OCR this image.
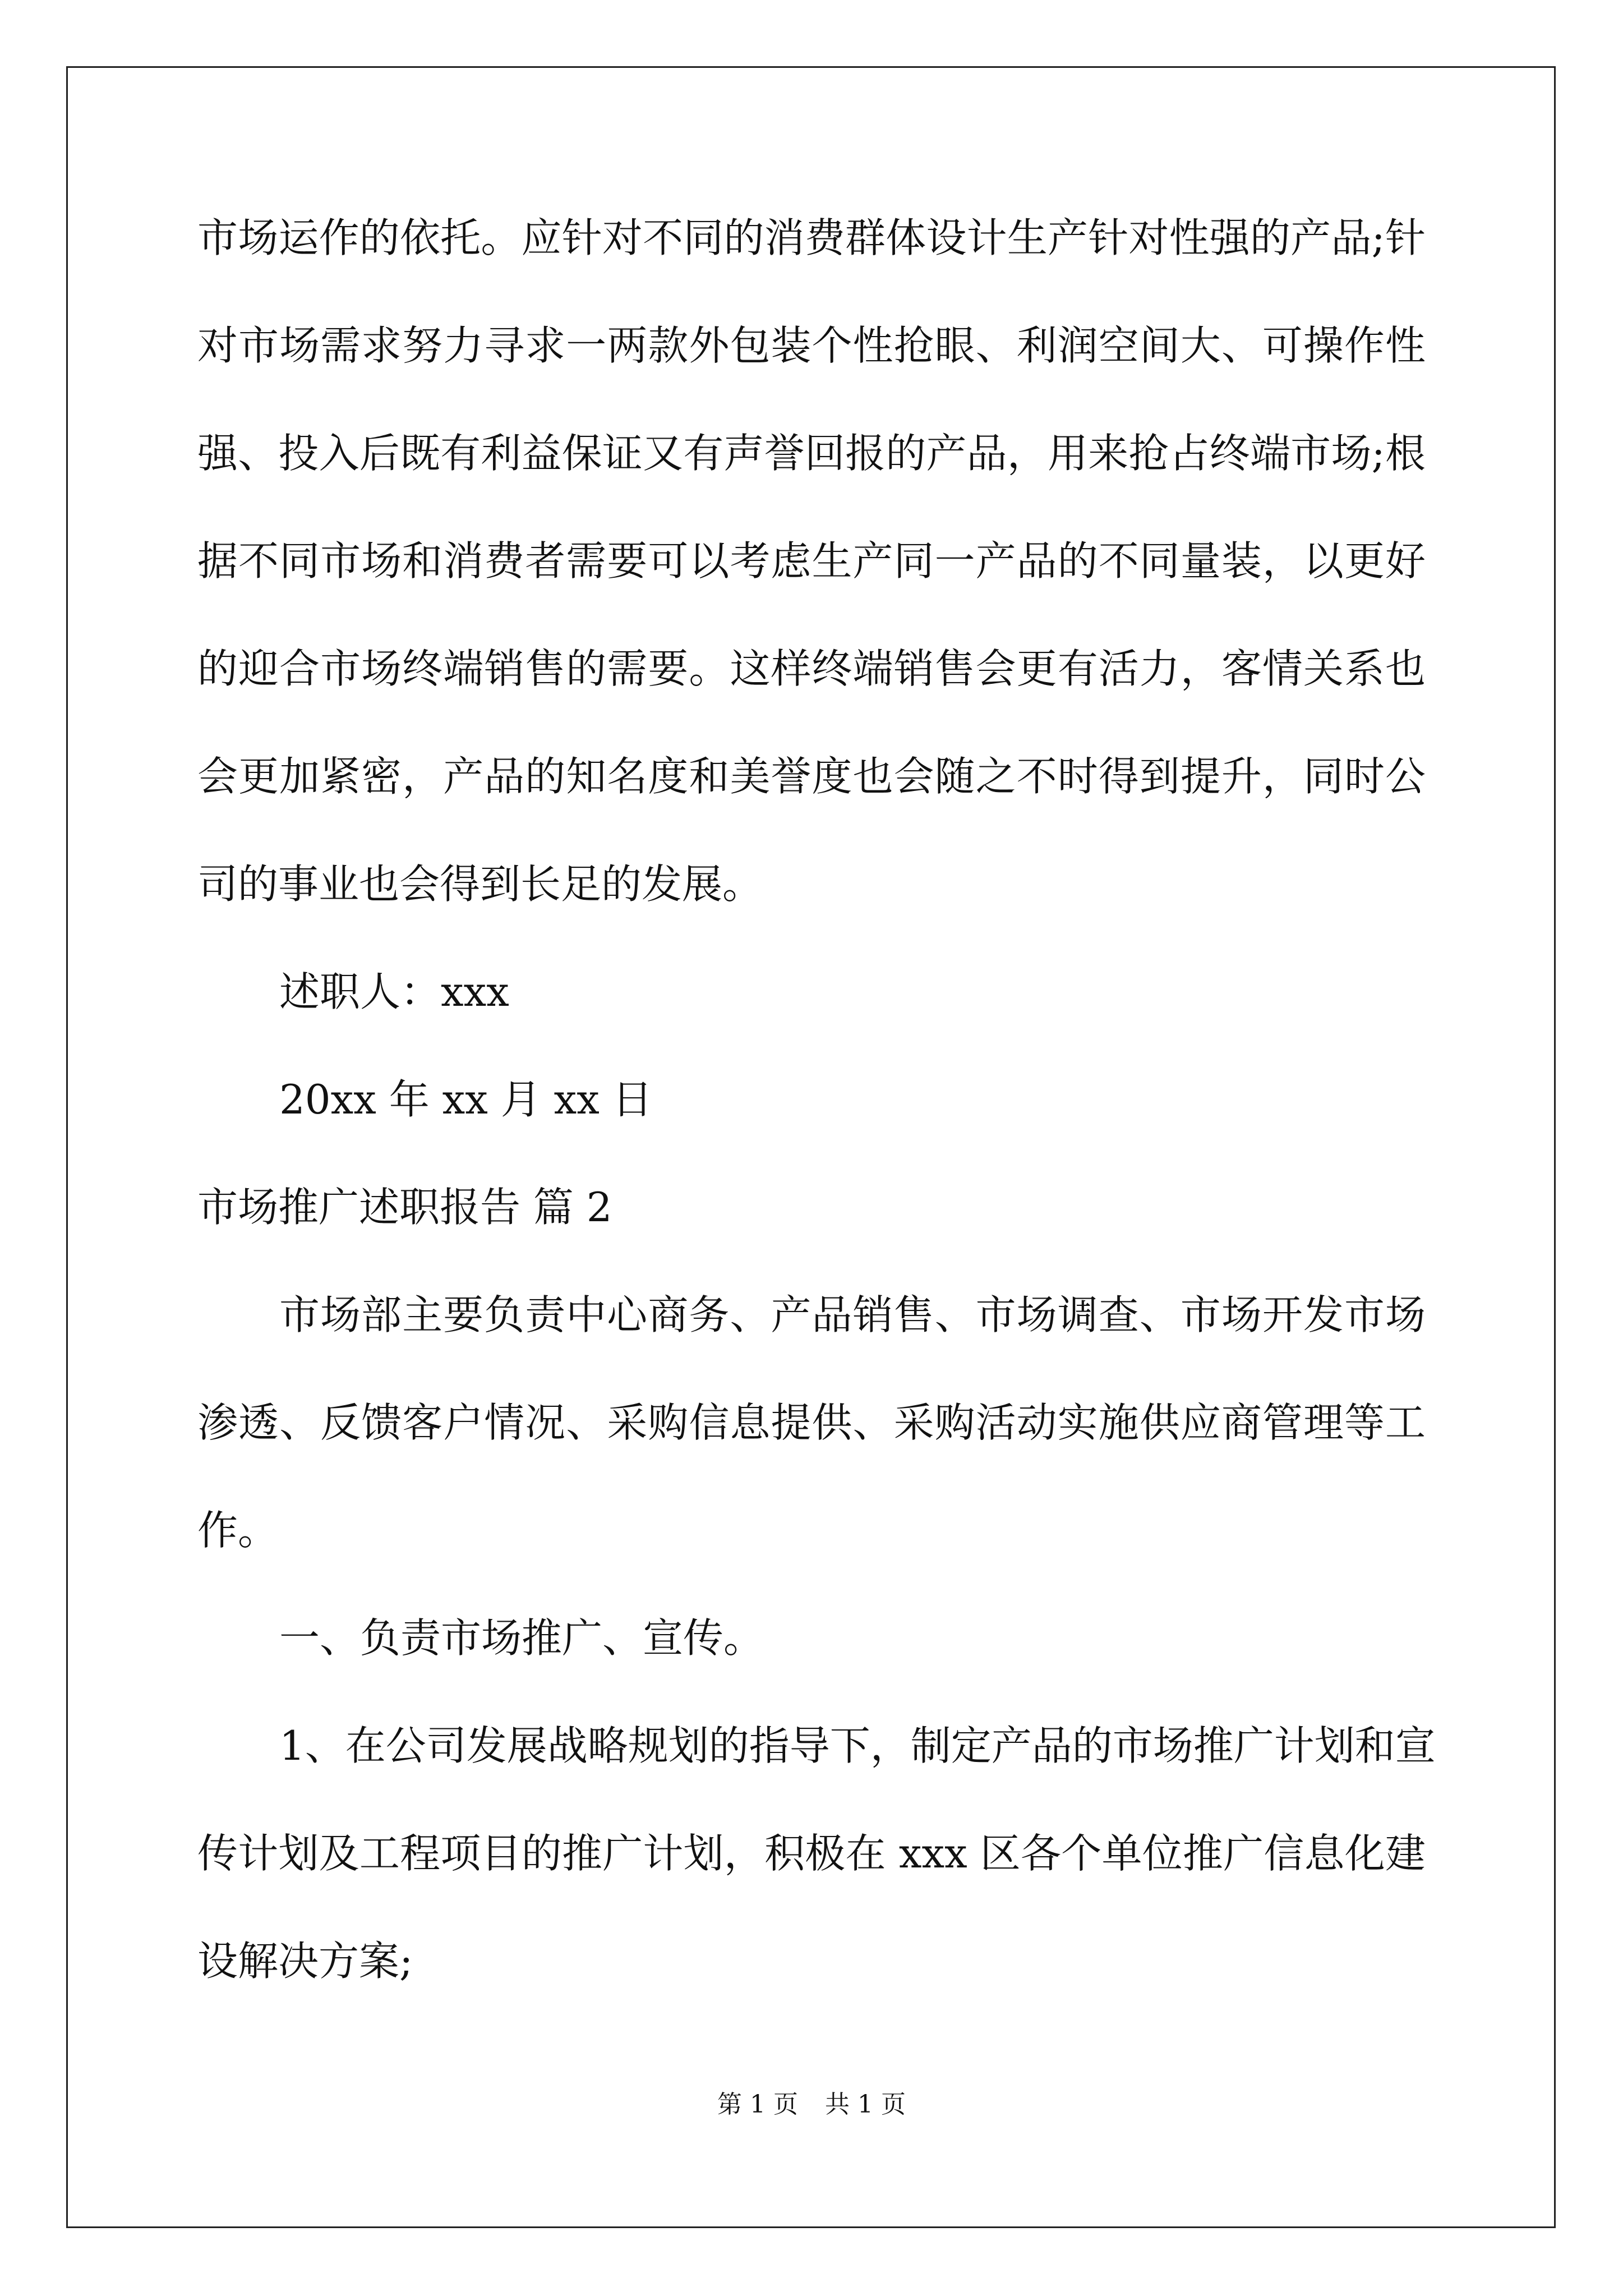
市场运作的依托。应针对不同的消费群体设计生产针对性强的产品;针
对市场需求努力寻求一两款外包装个性抢眼、利润空间大、可操作性
强、投入后既有利益保证又有声誉回报的产品，用来抢占终端市场;根
据不同市场和消费者需要可以考虑生产同一产品的不同量装，以更好
的迎合市场终端销售的需要。这样终端销售会更有活力，客情关系也
会更加紧密，产品的知名度和美誉度也会随之不时得到提升，同时公
司的事业也会得到长足的发展。
述职人：xxx
20xx 年 xx 月 xx 日
市场推广述职报告 篇 2
市场部主要负责中心商务、产品销售、市场调查、市场开发市场
渗透、反馈客户情况、采购信息提供、采购活动实施供应商管理等工
作。
一、负责市场推广、宣传。
1、在公司发展战略规划的指导下，制定产品的市场推广计划和宣
传计划及工程项目的推广计划，积极在 xxx 区各个单位推广信息化建
设解决方案;
第 1 页 共 1 页
